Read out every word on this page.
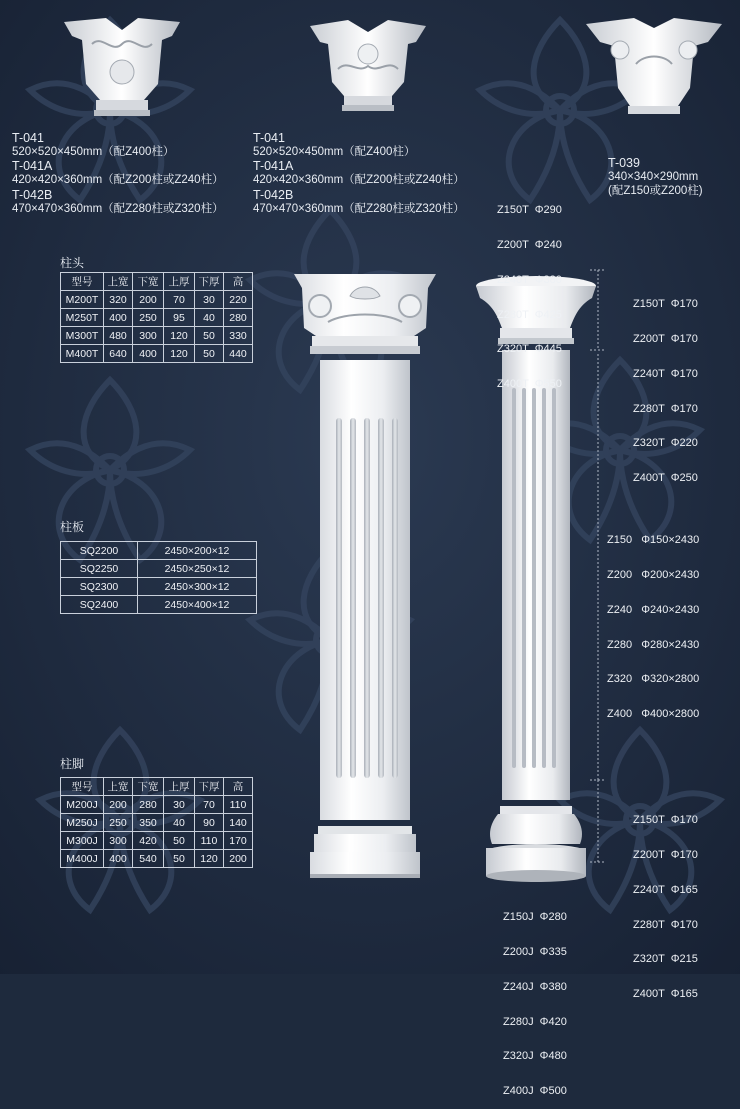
T-041
520×520×450mm（配Z400柱）
T-041A
420×420×360mm（配Z200柱或Z240柱）
T-042B
470×470×360mm（配Z280柱或Z320柱）
T-041
520×520×450mm（配Z400柱）
T-041A
420×420×360mm（配Z200柱或Z240柱）
T-042B
470×470×360mm（配Z280柱或Z320柱）
T-039
340×340×290mm
(配Z150或Z200柱)
柱头
型号	上宽	下宽	上厚	下厚	高
M200T	320	200	70	30	220
M250T	400	250	95	40	280
M300T	480	300	120	50	330
M400T	640	400	120	50	440
柱板
SQ2200	2450×200×12
SQ2250	2450×250×12
SQ2300	2450×300×12
SQ2400	2450×400×12
柱脚
型号	上宽	下宽	上厚	下厚	高
M200J	200	280	30	70	110
M250J	250	350	40	90	140
M300J	300	420	50	110	170
M400J	400	540	50	120	200

Z150T  Φ290

Z200T  Φ240

Z240T  Φ380

Z280T  Φ425

Z320T  Φ445

Z400T  Φ550

Z150T  Φ170

Z200T  Φ170

Z240T  Φ170

Z280T  Φ170

Z320T  Φ220

Z400T  Φ250

Z150   Φ150×2430

Z200   Φ200×2430

Z240   Φ240×2430

Z280   Φ280×2430

Z320   Φ320×2800

Z400   Φ400×2800

Z150T  Φ170

Z200T  Φ170

Z240T  Φ165

Z280T  Φ170

Z320T  Φ215

Z400T  Φ165

Z150J  Φ280

Z200J  Φ335

Z240J  Φ380

Z280J  Φ420

Z320J  Φ480

Z400J  Φ500
